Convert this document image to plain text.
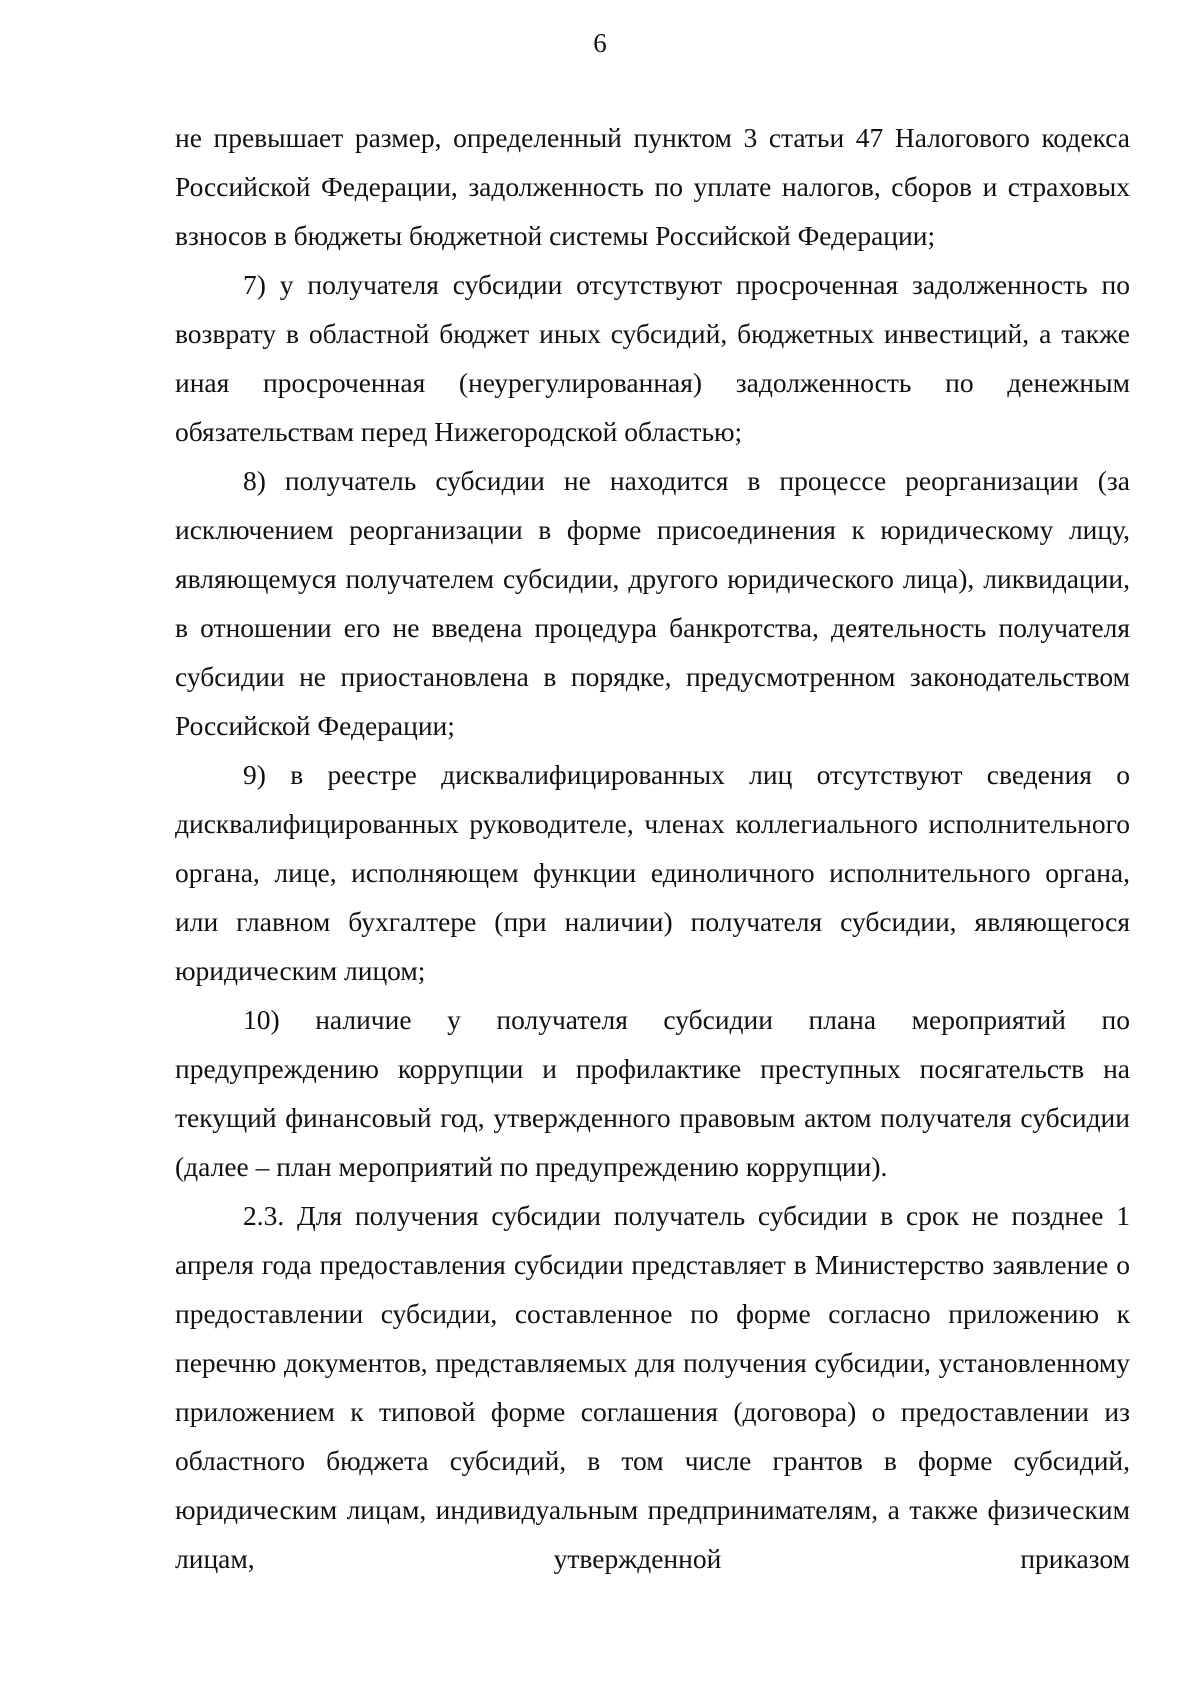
6

не превышает размер, определенный пунктом 3 статьи 47 Налогового кодекса Российской Федерации, задолженность по уплате налогов, сборов и страховых взносов в бюджеты бюджетной системы Российской Федерации;

7) у получателя субсидии отсутствуют просроченная задолженность по возврату в областной бюджет иных субсидий, бюджетных инвестиций, а также иная просроченная (неурегулированная) задолженность по денежным обязательствам перед Нижегородской областью;

8) получатель субсидии не находится в процессе реорганизации (за исключением реорганизации в форме присоединения к юридическому лицу, являющемуся получателем субсидии, другого юридического лица), ликвидации, в отношении его не введена процедура банкротства, деятельность получателя субсидии не приостановлена в порядке, предусмотренном законодательством Российской Федерации;

9) в реестре дисквалифицированных лиц отсутствуют сведения о дисквалифицированных руководителе, членах коллегиального исполнительного органа, лице, исполняющем функции единоличного исполнительного органа, или главном бухгалтере (при наличии) получателя субсидии, являющегося юридическим лицом;

10) наличие у получателя субсидии плана мероприятий по предупреждению коррупции и профилактике преступных посягательств на текущий финансовый год, утвержденного правовым актом получателя субсидии (далее – план мероприятий по предупреждению коррупции).

2.3. Для получения субсидии получатель субсидии в срок не позднее 1 апреля года предоставления субсидии представляет в Министерство заявление о предоставлении субсидии, составленное по форме согласно приложению к перечню документов, представляемых для получения субсидии, установленному приложением к типовой форме соглашения (договора) о предоставлении из областного бюджета субсидий, в том числе грантов в форме субсидий, юридическим лицам, индивидуальным предпринимателям, а также физическим лицам, утвержденной приказом
